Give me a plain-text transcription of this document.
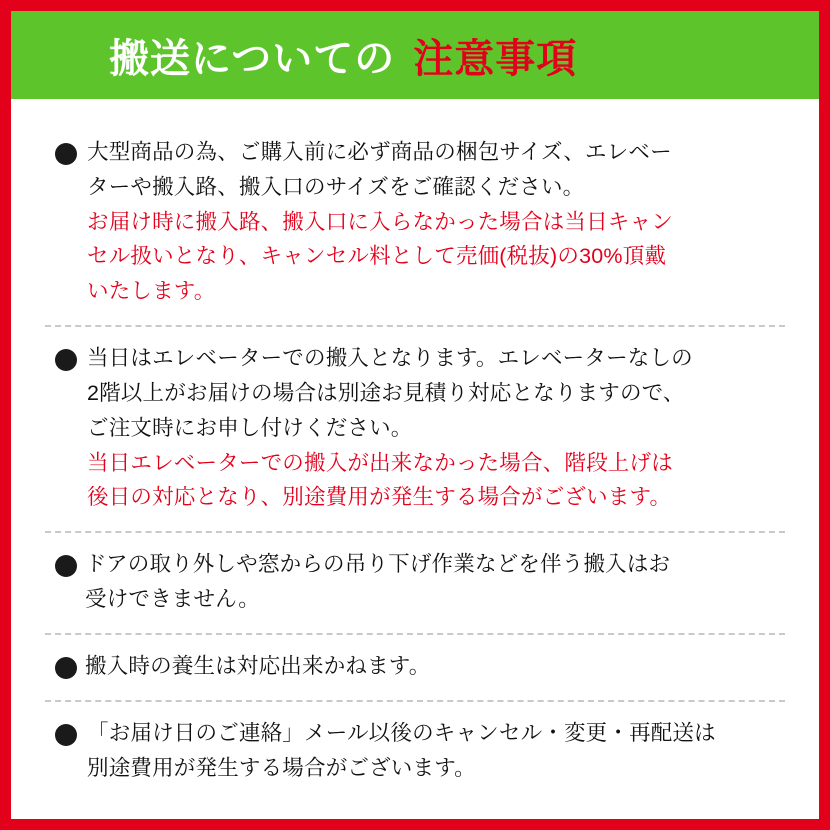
搬送についての 注意事項
大型商品の為、ご購入前に必ず商品の梱包サイズ、エレベー
ターや搬入路、搬入口のサイズをご確認ください。
お届け時に搬入路、搬入口に入らなかった場合は当日キャン
セル扱いとなり、キャンセル料として売価(税抜)の30%頂戴
いたします。
当日はエレベーターでの搬入となります。エレベーターなしの
2階以上がお届けの場合は別途お見積り対応となりますので、
ご注文時にお申し付けください。
当日エレベーターでの搬入が出来なかった場合、階段上げは
後日の対応となり、別途費用が発生する場合がございます。
ドアの取り外しや窓からの吊り下げ作業などを伴う搬入はお
受けできません。
搬入時の養生は対応出来かねます。
「お届け日のご連絡」メール以後のキャンセル・変更・再配送は
別途費用が発生する場合がございます。
